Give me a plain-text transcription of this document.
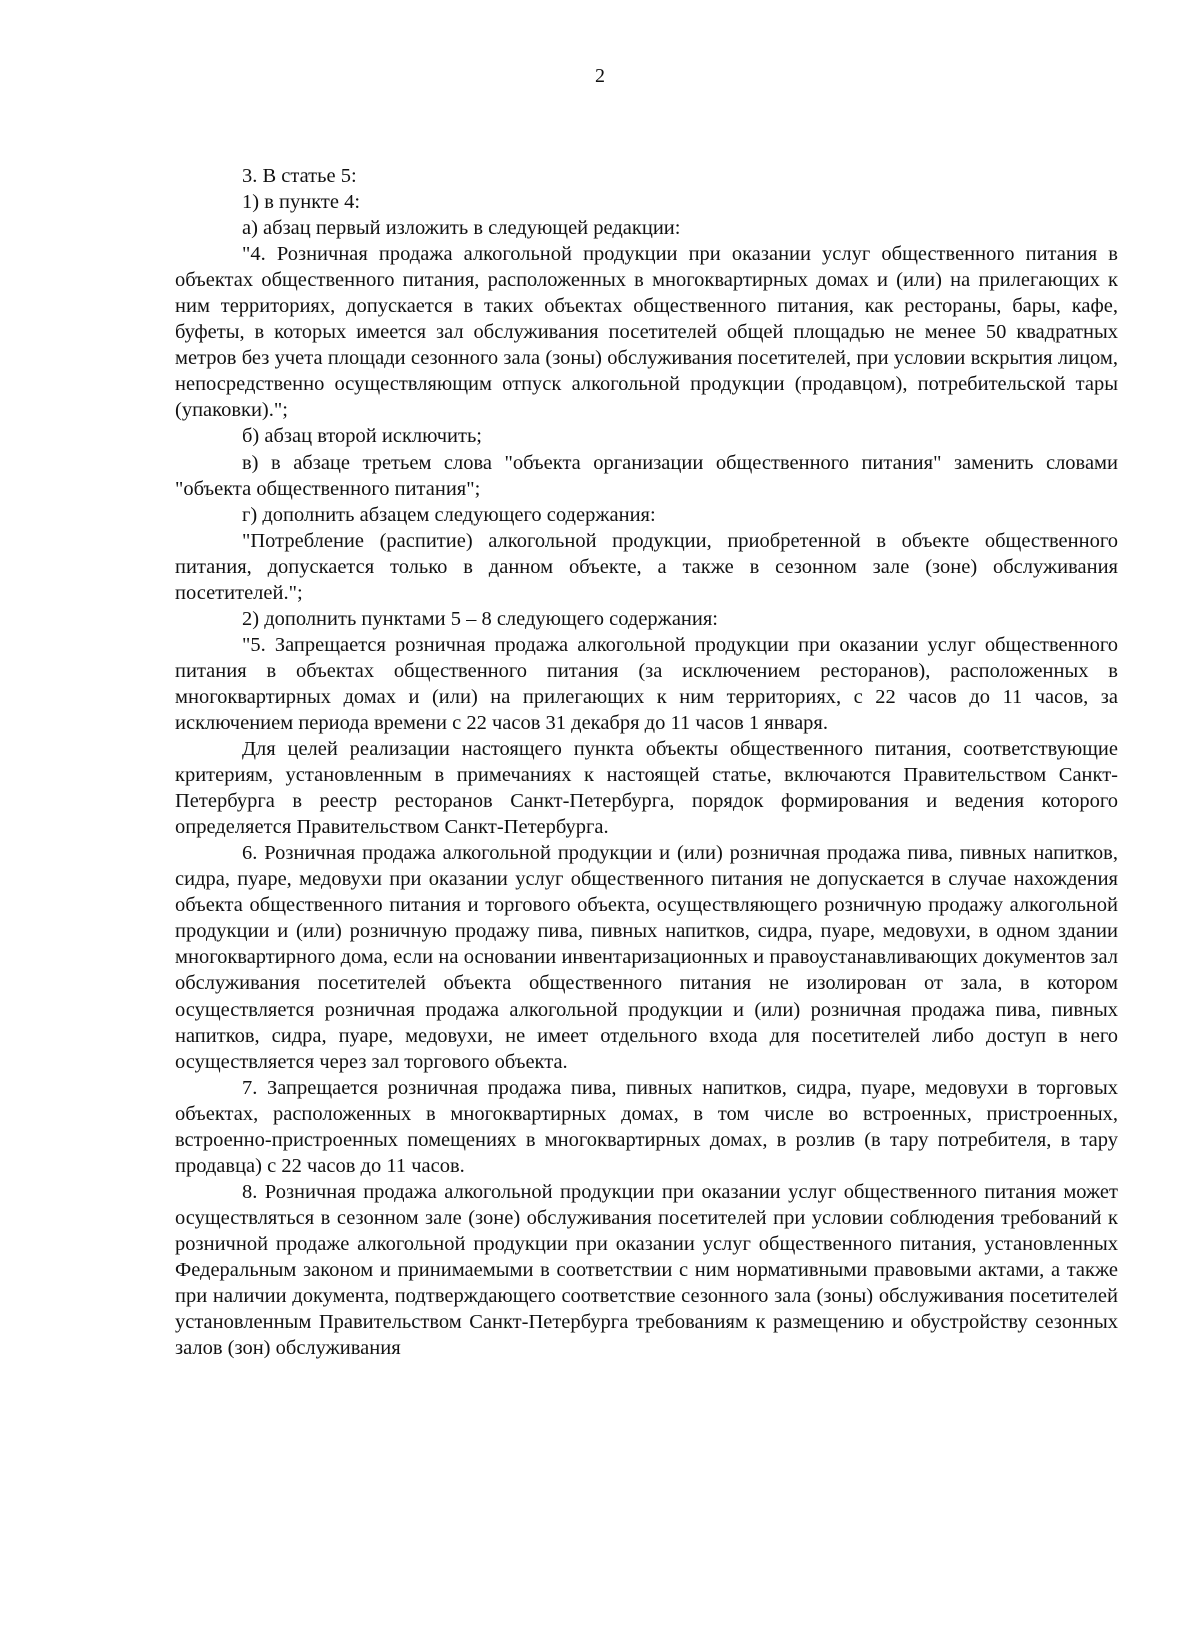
2

3. В статье 5:

1) в пункте 4:

а) абзац первый изложить в следующей редакции:

"4. Розничная продажа алкогольной продукции при оказании услуг общественного питания в объектах общественного питания, расположенных в многоквартирных домах и (или) на прилегающих к ним территориях, допускается в таких объектах общественного питания, как рестораны, бары, кафе, буфеты, в которых имеется зал обслуживания посетителей общей площадью не менее 50 квадратных метров без учета площади сезонного зала (зоны) обслуживания посетителей, при условии вскрытия лицом, непосредственно осуществляющим отпуск алкогольной продукции (продавцом), потребительской тары (упаковки).";

б) абзац второй исключить;

в) в абзаце третьем слова "объекта организации общественного питания" заменить словами "объекта общественного питания";

г) дополнить абзацем следующего содержания:

"Потребление (распитие) алкогольной продукции, приобретенной в объекте общественного питания, допускается только в данном объекте, а также в сезонном зале (зоне) обслуживания посетителей.";

2) дополнить пунктами 5 – 8 следующего содержания:

"5. Запрещается розничная продажа алкогольной продукции при оказании услуг общественного питания в объектах общественного питания (за исключением ресторанов), расположенных в многоквартирных домах и (или) на прилегающих к ним территориях, с 22 часов до 11 часов, за исключением периода времени с 22 часов 31 декабря до 11 часов 1 января.

Для целей реализации настоящего пункта объекты общественного питания, соответствующие критериям, установленным в примечаниях к настоящей статье, включаются Правительством Санкт-Петербурга в реестр ресторанов Санкт-Петербурга, порядок формирования и ведения которого определяется Правительством Санкт-Петербурга.

6. Розничная продажа алкогольной продукции и (или) розничная продажа пива, пивных напитков, сидра, пуаре, медовухи при оказании услуг общественного питания не допускается в случае нахождения объекта общественного питания и торгового объекта, осуществляющего розничную продажу алкогольной продукции и (или) розничную продажу пива, пивных напитков, сидра, пуаре, медовухи, в одном здании многоквартирного дома, если на основании инвентаризационных и правоустанавливающих документов зал обслуживания посетителей объекта общественного питания не изолирован от зала, в котором осуществляется розничная продажа алкогольной продукции и (или) розничная продажа пива, пивных напитков, сидра, пуаре, медовухи, не имеет отдельного входа для посетителей либо доступ в него осуществляется через зал торгового объекта.

7. Запрещается розничная продажа пива, пивных напитков, сидра, пуаре, медовухи в торговых объектах, расположенных в многоквартирных домах, в том числе во встроенных, пристроенных, встроенно-пристроенных помещениях в многоквартирных домах, в розлив (в тару потребителя, в тару продавца) с 22 часов до 11 часов.

8. Розничная продажа алкогольной продукции при оказании услуг общественного питания может осуществляться в сезонном зале (зоне) обслуживания посетителей при условии соблюдения требований к розничной продаже алкогольной продукции при оказании услуг общественного питания, установленных Федеральным законом и принимаемыми в соответствии с ним нормативными правовыми актами, а также при наличии документа, подтверждающего соответствие сезонного зала (зоны) обслуживания посетителей установленным Правительством Санкт-Петербурга требованиям к размещению и обустройству сезонных залов (зон) обслуживания
